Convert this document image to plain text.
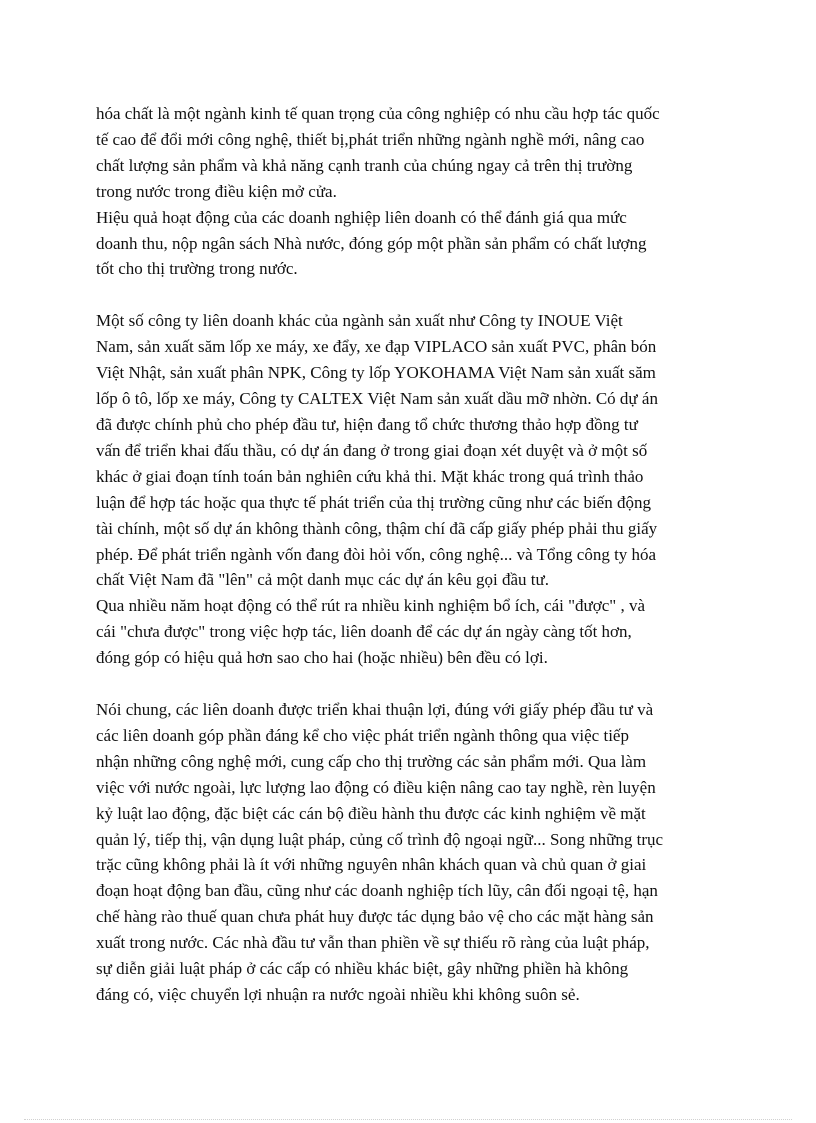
hóa chất là một ngành kinh tế quan trọng của công nghiệp có nhu cầu hợp tác quốc
tế cao để đổi mới công nghệ, thiết bị,phát triển những ngành nghề mới, nâng cao
chất lượng sản phẩm và khả năng cạnh tranh của chúng ngay cả trên thị trường
trong nước trong điều kiện mở cửa.

Hiệu quả hoạt động của các doanh nghiệp liên doanh có thể đánh giá qua mức
doanh thu, nộp ngân sách Nhà nước, đóng góp một phần sản phẩm có chất lượng
tốt cho thị trường trong nước.

Một số công ty liên doanh khác của ngành sản xuất như Công ty INOUE Việt
Nam, sản xuất săm lốp xe máy, xe đẩy, xe đạp VIPLACO sản xuất PVC, phân bón
Việt Nhật, sản xuất phân NPK, Công ty lốp YOKOHAMA Việt Nam sản xuất săm
lốp ô tô, lốp xe máy, Công ty CALTEX Việt Nam sản xuất dầu mỡ nhờn. Có dự án
đã được chính phủ cho phép đầu tư, hiện đang tổ chức thương thảo hợp đồng tư
vấn để triển khai đấu thầu, có dự án đang ở trong giai đoạn xét duyệt và ở một số
khác ở giai đoạn tính toán bản nghiên cứu khả thi. Mặt khác trong quá trình thảo
luận để hợp tác hoặc qua thực tế phát triển của thị trường cũng như các biến động
tài chính, một số dự án không thành công, thậm chí đã cấp giấy phép phải thu giấy
phép. Để phát triển ngành vốn đang đòi hỏi vốn, công nghệ... và Tổng công ty hóa
chất Việt Nam đã "lên" cả một danh mục các dự án kêu gọi đầu tư.

Qua nhiều năm hoạt động có thể rút ra nhiều kinh nghiệm bổ ích, cái "được" , và
cái "chưa được" trong việc hợp tác, liên doanh để các dự án ngày càng tốt hơn,
đóng góp có hiệu quả hơn sao cho hai (hoặc nhiều) bên đều có lợi.

Nói chung, các liên doanh được triển khai thuận lợi, đúng với giấy phép đầu tư và
các liên doanh góp phần đáng kể cho việc phát triển ngành thông qua việc tiếp
nhận những công nghệ mới, cung cấp cho thị trường các sản phẩm mới. Qua làm
việc với nước ngoài, lực lượng lao động có điều kiện nâng cao tay nghề, rèn luyện
kỷ luật lao động, đặc biệt các cán bộ điều hành thu được các kinh nghiệm về mặt
quản lý, tiếp thị, vận dụng luật pháp, củng cố trình độ ngoại ngữ... Song những trục
trặc cũng không phải là ít với những nguyên nhân khách quan và chủ quan ở giai
đoạn hoạt động ban đầu, cũng như các doanh nghiệp tích lũy, cân đối ngoại tệ, hạn
chế hàng rào thuế quan chưa phát huy được tác dụng bảo vệ cho các mặt hàng sản
xuất trong nước. Các nhà đầu tư vẫn than phiền về sự thiếu rõ ràng của luật pháp,
sự diễn giải luật pháp ở các cấp có nhiều khác biệt, gây những phiền hà không
đáng có, việc chuyển lợi nhuận ra nước ngoài nhiều khi không suôn sẻ.
